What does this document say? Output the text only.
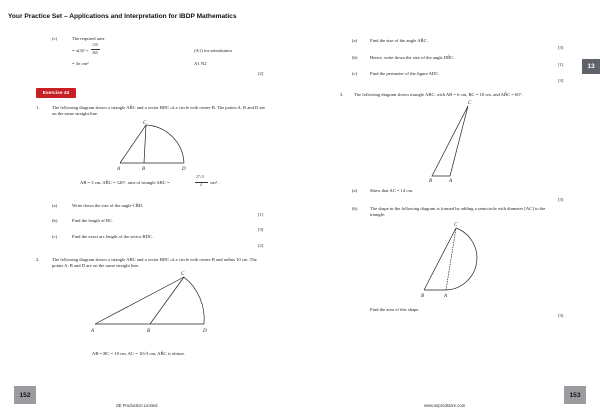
Your Practice Set – Applications and Interpretation for IBDP Mathematics
(c)	The required area
= π(3)² ×
120
360	(A1) for substitution
= 3π cm²	A1 N2
[2]
Exercise 43
1.	The following diagram shows a triangle AB̂C and a sector BDC of a circle with centre B. The points A, B and D are on the same straight line.
C
A	B	D
AB = 3 cm, AB̂C = 120°, area of triangle ABC =
27√3
4 cm².
(a)	Write down the size of the angle CB̂D.
[1]
(b)	Find the length of BC.
[3]
(c)	Find the exact arc length of the sector BDC.
[2]
2.	The following diagram shows a triangle ABC and a sector BDC of a circle with centre B and radius 10 cm. The points A, B and D are on the same straight line.
C
A	B	D
AB = BC = 10 cm, AC = 10√3 cm, AB̂C is obtuse.
152
SE Production Limited
13
(a)	Find the size of the angle AB̂C.
[3]
(b)	Hence, write down the size of the angle DB̂C.
[1]
(c)	Find the perimeter of the figure ADC.
[3]
3. The following diagram shows triangle ABC, with AB = 6 cm, BC = 18 cm, and AB̂C = 60°.
C
B	A
(a)	Show that AC = 14 cm.
[3]
(b)	The shape in the following diagram is formed by adding a semicircle with diameter [AC] to the triangle.
C
B	A
Find the area of this shape.
[3]
153
www.seprodstore.com
